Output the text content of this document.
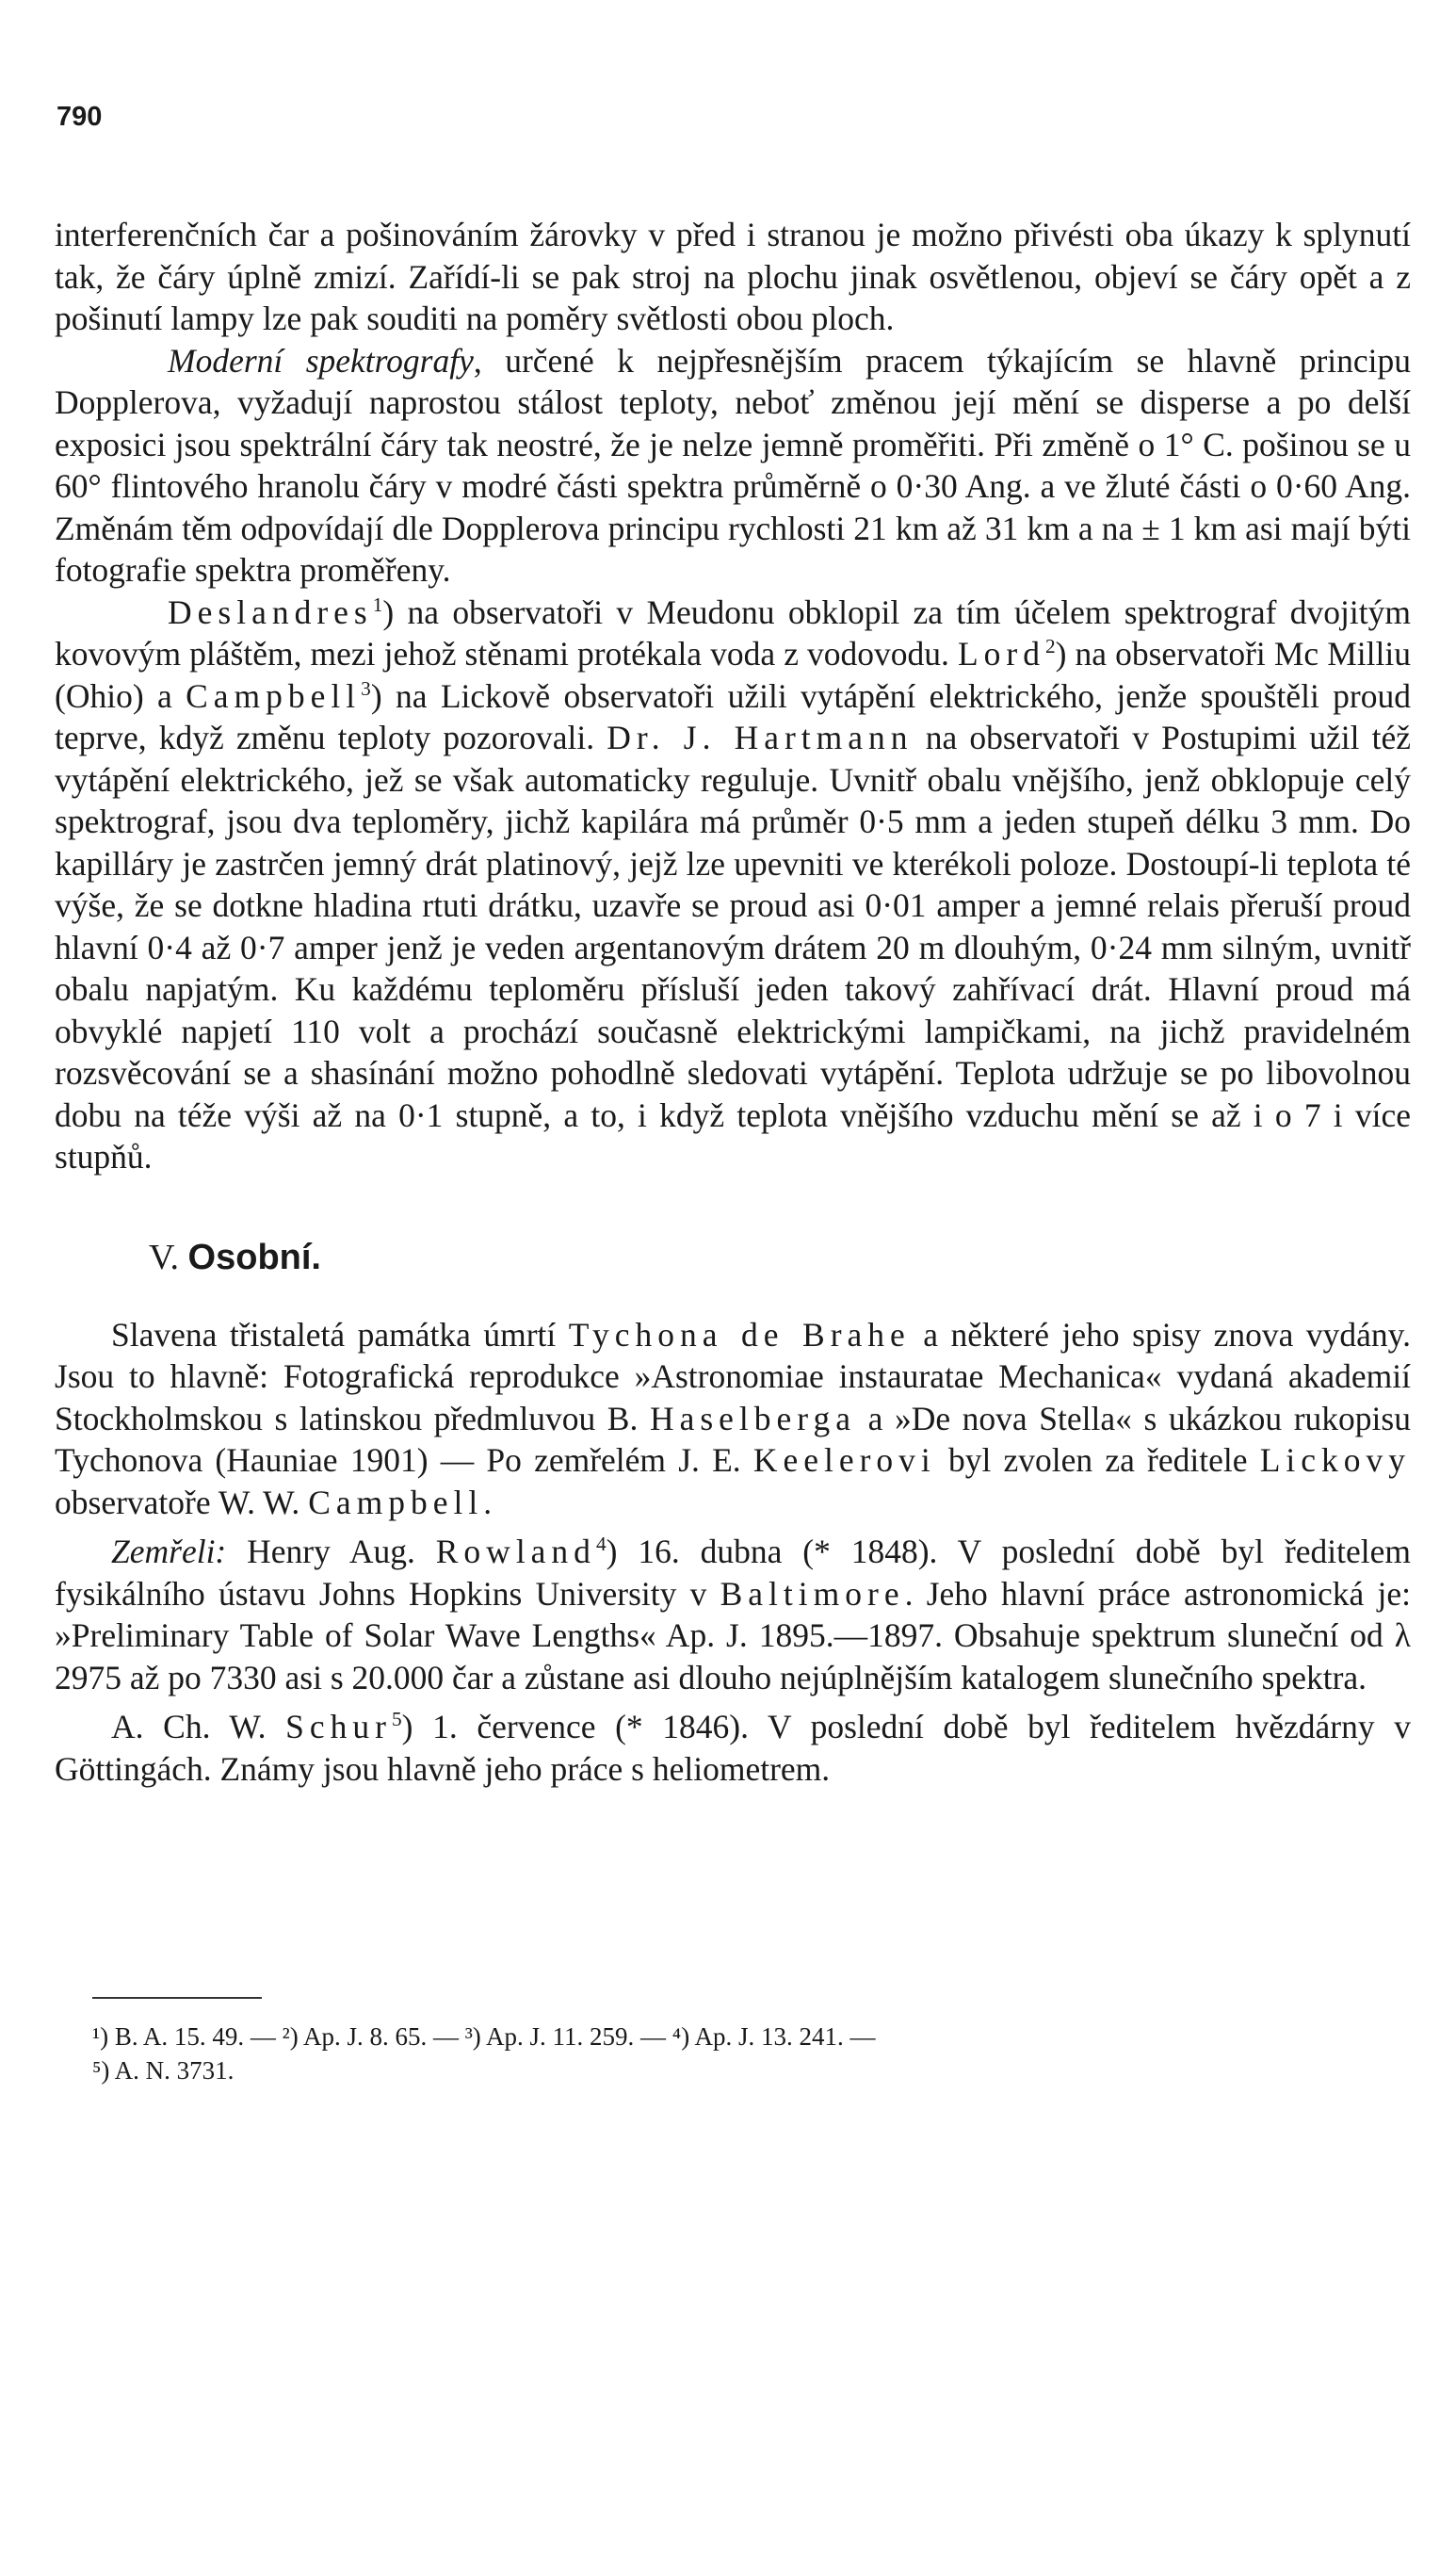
790

interferenčních čar a pošinováním žárovky v před i stranou je možno přivésti oba úkazy k splynutí tak, že čáry úplně zmizí. Zařídí-li se pak stroj na plochu jinak osvětlenou, objeví se čáry opět a z pošinutí lampy lze pak souditi na poměry světlosti obou ploch.

Moderní spektrografy, určené k nejpřesnějším pracem týkajícím se hlavně principu Dopplerova, vyžadují naprostou stálost teploty, neboť změnou její mění se disperse a po delší exposici jsou spektrální čáry tak neostré, že je nelze jemně proměřiti. Při změně o 1° C. pošinou se u 60° flintového hranolu čáry v modré části spektra průměrně o 0·30 Ang. a ve žluté části o 0·60 Ang. Změnám těm odpovídají dle Dopplerova principu rychlosti 21 km až 31 km a na ± 1 km asi mají býti fotografie spektra proměřeny.

Deslandres$^1$) na observatoři v Meudonu obklopil za tím účelem spektrograf dvojitým kovovým pláštěm, mezi jehož stěnami protékala voda z vodovodu. Lord$^2$) na observatoři Mc Milliu (Ohio) a Campbell$^3$) na Lickově observatoři užili vytápění elektrického, jenže spouštěli proud teprve, když změnu teploty pozorovali. Dr. J. Hartmann na observatoři v Postupimi užil též vytápění elektrického, jež se však automaticky reguluje. Uvnitř obalu vnějšího, jenž obklopuje celý spektrograf, jsou dva teploměry, jichž kapilára má průměr 0·5 mm a jeden stupeň délku 3 mm. Do kapilláry je zastrčen jemný drát platinový, jejž lze upevniti ve kterékoli poloze. Dostoupí-li teplota té výše, že se dotkne hladina rtuti drátku, uzavře se proud asi 0·01 amper a jemné relais přeruší proud hlavní 0·4 až 0·7 amper jenž je veden argentanovým drátem 20 m dlouhým, 0·24 mm silným, uvnitř obalu napjatým. Ku každému teploměru přísluší jeden takový zahřívací drát. Hlavní proud má obvyklé napjetí 110 volt a prochází současně elektrickými lampičkami, na jichž pravidelném rozsvěcování se a shasínání možno pohodlně sledovati vytápění. Teplota udržuje se po libovolnou dobu na téže výši až na 0·1 stupně, a to, i když teplota vnějšího vzduchu mění se až i o 7 i více stupňů.

V. Osobní.

Slavena třistaletá památka úmrtí Tychona de Brahe a některé jeho spisy znova vydány. Jsou to hlavně: Fotografická reprodukce »Astronomiae instauratae Mechanica« vydaná akademií Stockholmskou s latinskou předmluvou B. Haselberga a »De nova Stella« s ukázkou rukopisu Tychonova (Hauniae 1901) — Po zemřelém J. E. Keelerovi byl zvolen za ředitele Lickovy observatoře W. W. Campbell.

Zemřeli: Henry Aug. Rowland$^4$) 16. dubna (* 1848). V poslední době byl ředitelem fysikálního ústavu Johns Hopkins University v Baltimore. Jeho hlavní práce astronomická je: »Preliminary Table of Solar Wave Lengths« Ap. J. 1895.—1897. Obsahuje spektrum sluneční od λ 2975 až po 7330 asi s 20.000 čar a zůstane asi dlouho nejúplnějším katalogem slunečního spektra.

A. Ch. W. Schur$^5$) 1. července (* 1846). V poslední době byl ředitelem hvězdárny v Göttingách. Známy jsou hlavně jeho práce s heliometrem.

¹) B. A. 15. 49. — ²) Ap. J. 8. 65. — ³) Ap. J. 11. 259. — ⁴) Ap. J. 13. 241. —
⁵) A. N. 3731.
